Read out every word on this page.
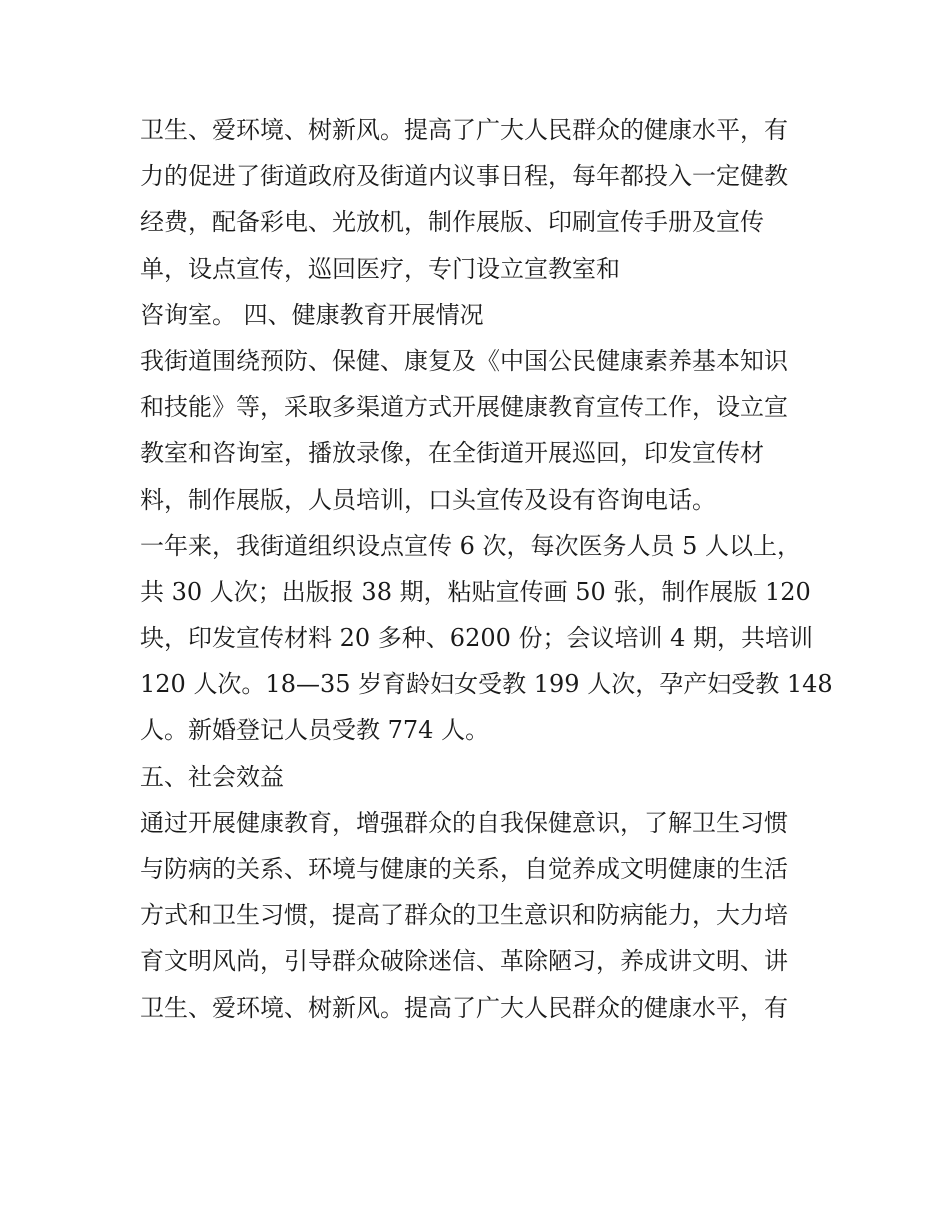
卫生、爱环境、树新风。提高了广大人民群众的健康水平，有
力的促进了街道政府及街道内议事日程，每年都投入一定健教
经费，配备彩电、光放机，制作展版、印刷宣传手册及宣传
单，设点宣传，巡回医疗，专门设立宣教室和
咨询室。 四、健康教育开展情况
我街道围绕预防、保健、康复及《中国公民健康素养基本知识
和技能》等，采取多渠道方式开展健康教育宣传工作，设立宣
教室和咨询室，播放录像，在全街道开展巡回，印发宣传材
料，制作展版，人员培训，口头宣传及设有咨询电话。
一年来，我街道组织设点宣传 6 次，每次医务人员 5 人以上，
共 30 人次；出版报 38 期，粘贴宣传画 50 张，制作展版 120
块，印发宣传材料 20 多种、6200 份；会议培训 4 期，共培训
120 人次。18—35 岁育龄妇女受教 199 人次，孕产妇受教 148
人。新婚登记人员受教 774 人。
五、社会效益
通过开展健康教育，增强群众的自我保健意识，了解卫生习惯
与防病的关系、环境与健康的关系，自觉养成文明健康的生活
方式和卫生习惯，提高了群众的卫生意识和防病能力，大力培
育文明风尚，引导群众破除迷信、革除陋习，养成讲文明、讲
卫生、爱环境、树新风。提高了广大人民群众的健康水平，有
